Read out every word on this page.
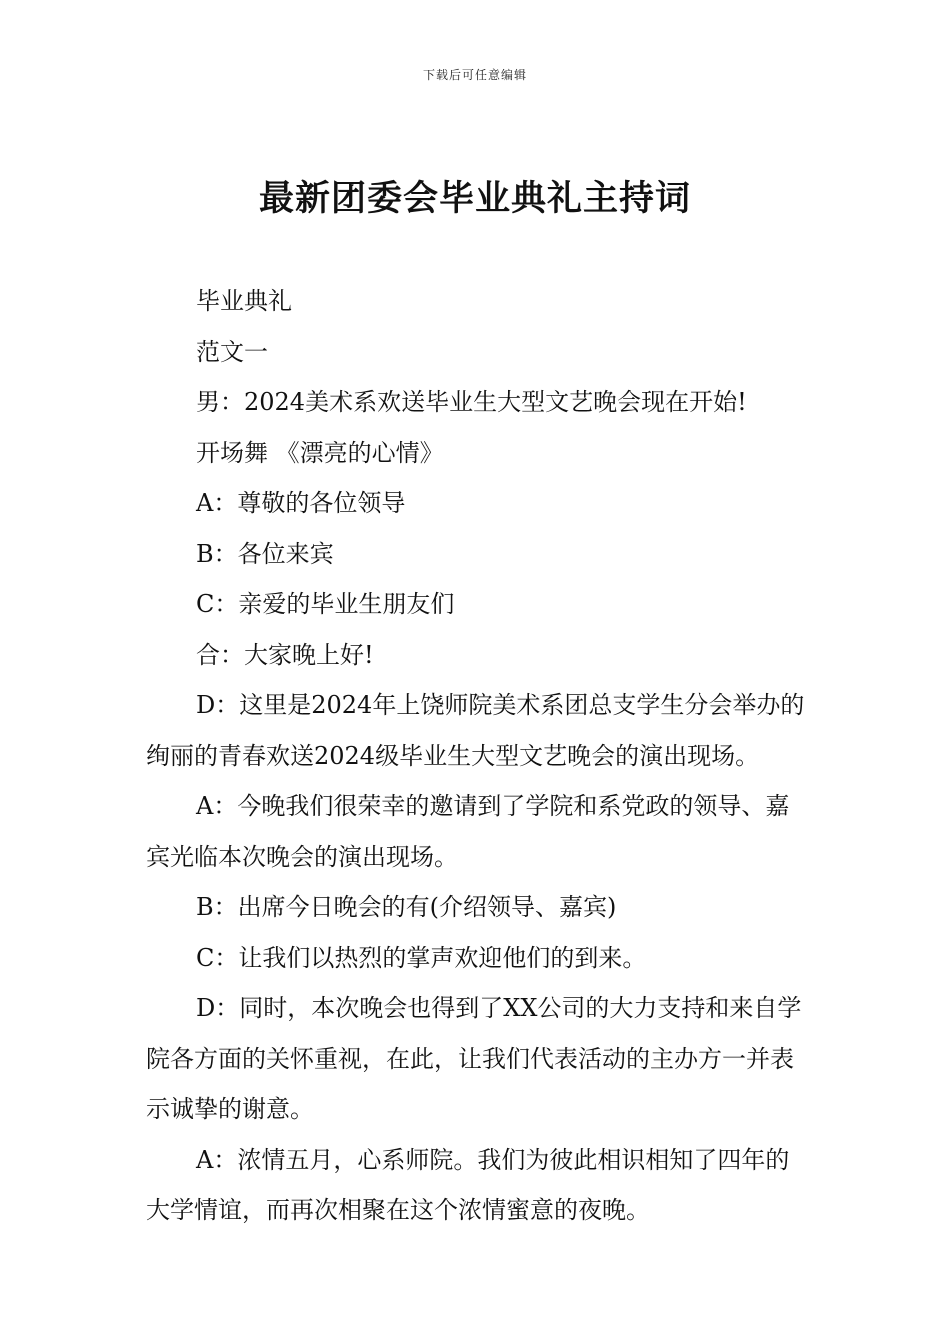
下载后可任意编辑
最新团委会毕业典礼主持词

毕业典礼

范文一

男：2024美术系欢送毕业生大型文艺晚会现在开始!

开场舞 《漂亮的心情》

A：尊敬的各位领导

B：各位来宾

C：亲爱的毕业生朋友们

合：大家晚上好!

D：这里是2024年上饶师院美术系团总支学生分会举办的绚丽的青春欢送2024级毕业生大型文艺晚会的演出现场。

A：今晚我们很荣幸的邀请到了学院和系党政的领导、嘉宾光临本次晚会的演出现场。

B：出席今日晚会的有(介绍领导、嘉宾)

C：让我们以热烈的掌声欢迎他们的到来。

D：同时，本次晚会也得到了XX公司的大力支持和来自学院各方面的关怀重视，在此，让我们代表活动的主办方一并表示诚挚的谢意。

A：浓情五月，心系师院。我们为彼此相识相知了四年的大学情谊，而再次相聚在这个浓情蜜意的夜晚。
